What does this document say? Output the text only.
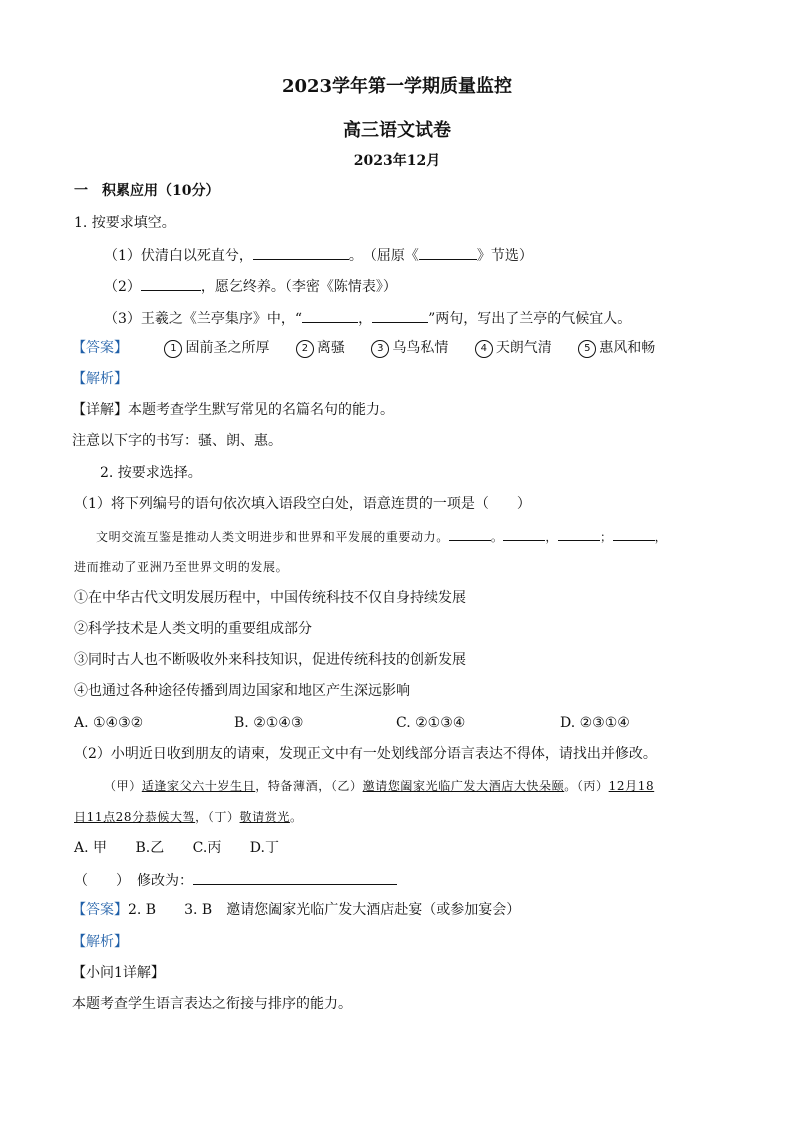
2023学年第一学期质量监控
高三语文试卷
2023年12月
一　积累应用（10分）
1. 按要求填空。
（1）伏清白以死直兮，	。　（屈原《	》节选）
（2）	，愿乞终养。（李密《陈情表》）
（3）王羲之《兰亭集序》中，“	，	”两句，写出了兰亭的气候宜人。
【答案】	1 固前圣之所厚	2 离骚	3 乌鸟私情	4 天朗气清	5 惠风和畅
【解析】
【详解】本题考查学生默写常见的名篇名句的能力。
注意以下字的书写：骚、朗、惠。
2. 按要求选择。
（1）将下列编号的语句依次填入语段空白处，语意连贯的一项是（　　）
文明交流互鉴是推动人类文明进步和世界和平发展的重要动力。	。	，	；	，
进而推动了亚洲乃至世界文明的发展。
①在中华古代文明发展历程中，中国传统科技不仅自身持续发展
②科学技术是人类文明的重要组成部分
③同时古人也不断吸收外来科技知识，促进传统科技的创新发展
④也通过各种途径传播到周边国家和地区产生深远影响
A. ①④③②	B. ②①④③	C. ②①③④	D. ②③①④
（2）小明近日收到朋友的请柬，发现正文中有一处划线部分语言表达不得体，请找出并修改。
（甲）适逢家父六十岁生日，特备薄酒，（乙）邀请您阖家光临广发大酒店大快朵颐。（丙）12月18
日11点28分恭候大驾，（丁）敬请赏光。
A. 甲 B.乙 C.丙 D.丁
（　　）　修改为：
【答案】2. B　　3. B　邀请您阖家光临广发大酒店赴宴（或参加宴会）
【解析】
【小问1详解】
本题考查学生语言表达之衔接与排序的能力。
